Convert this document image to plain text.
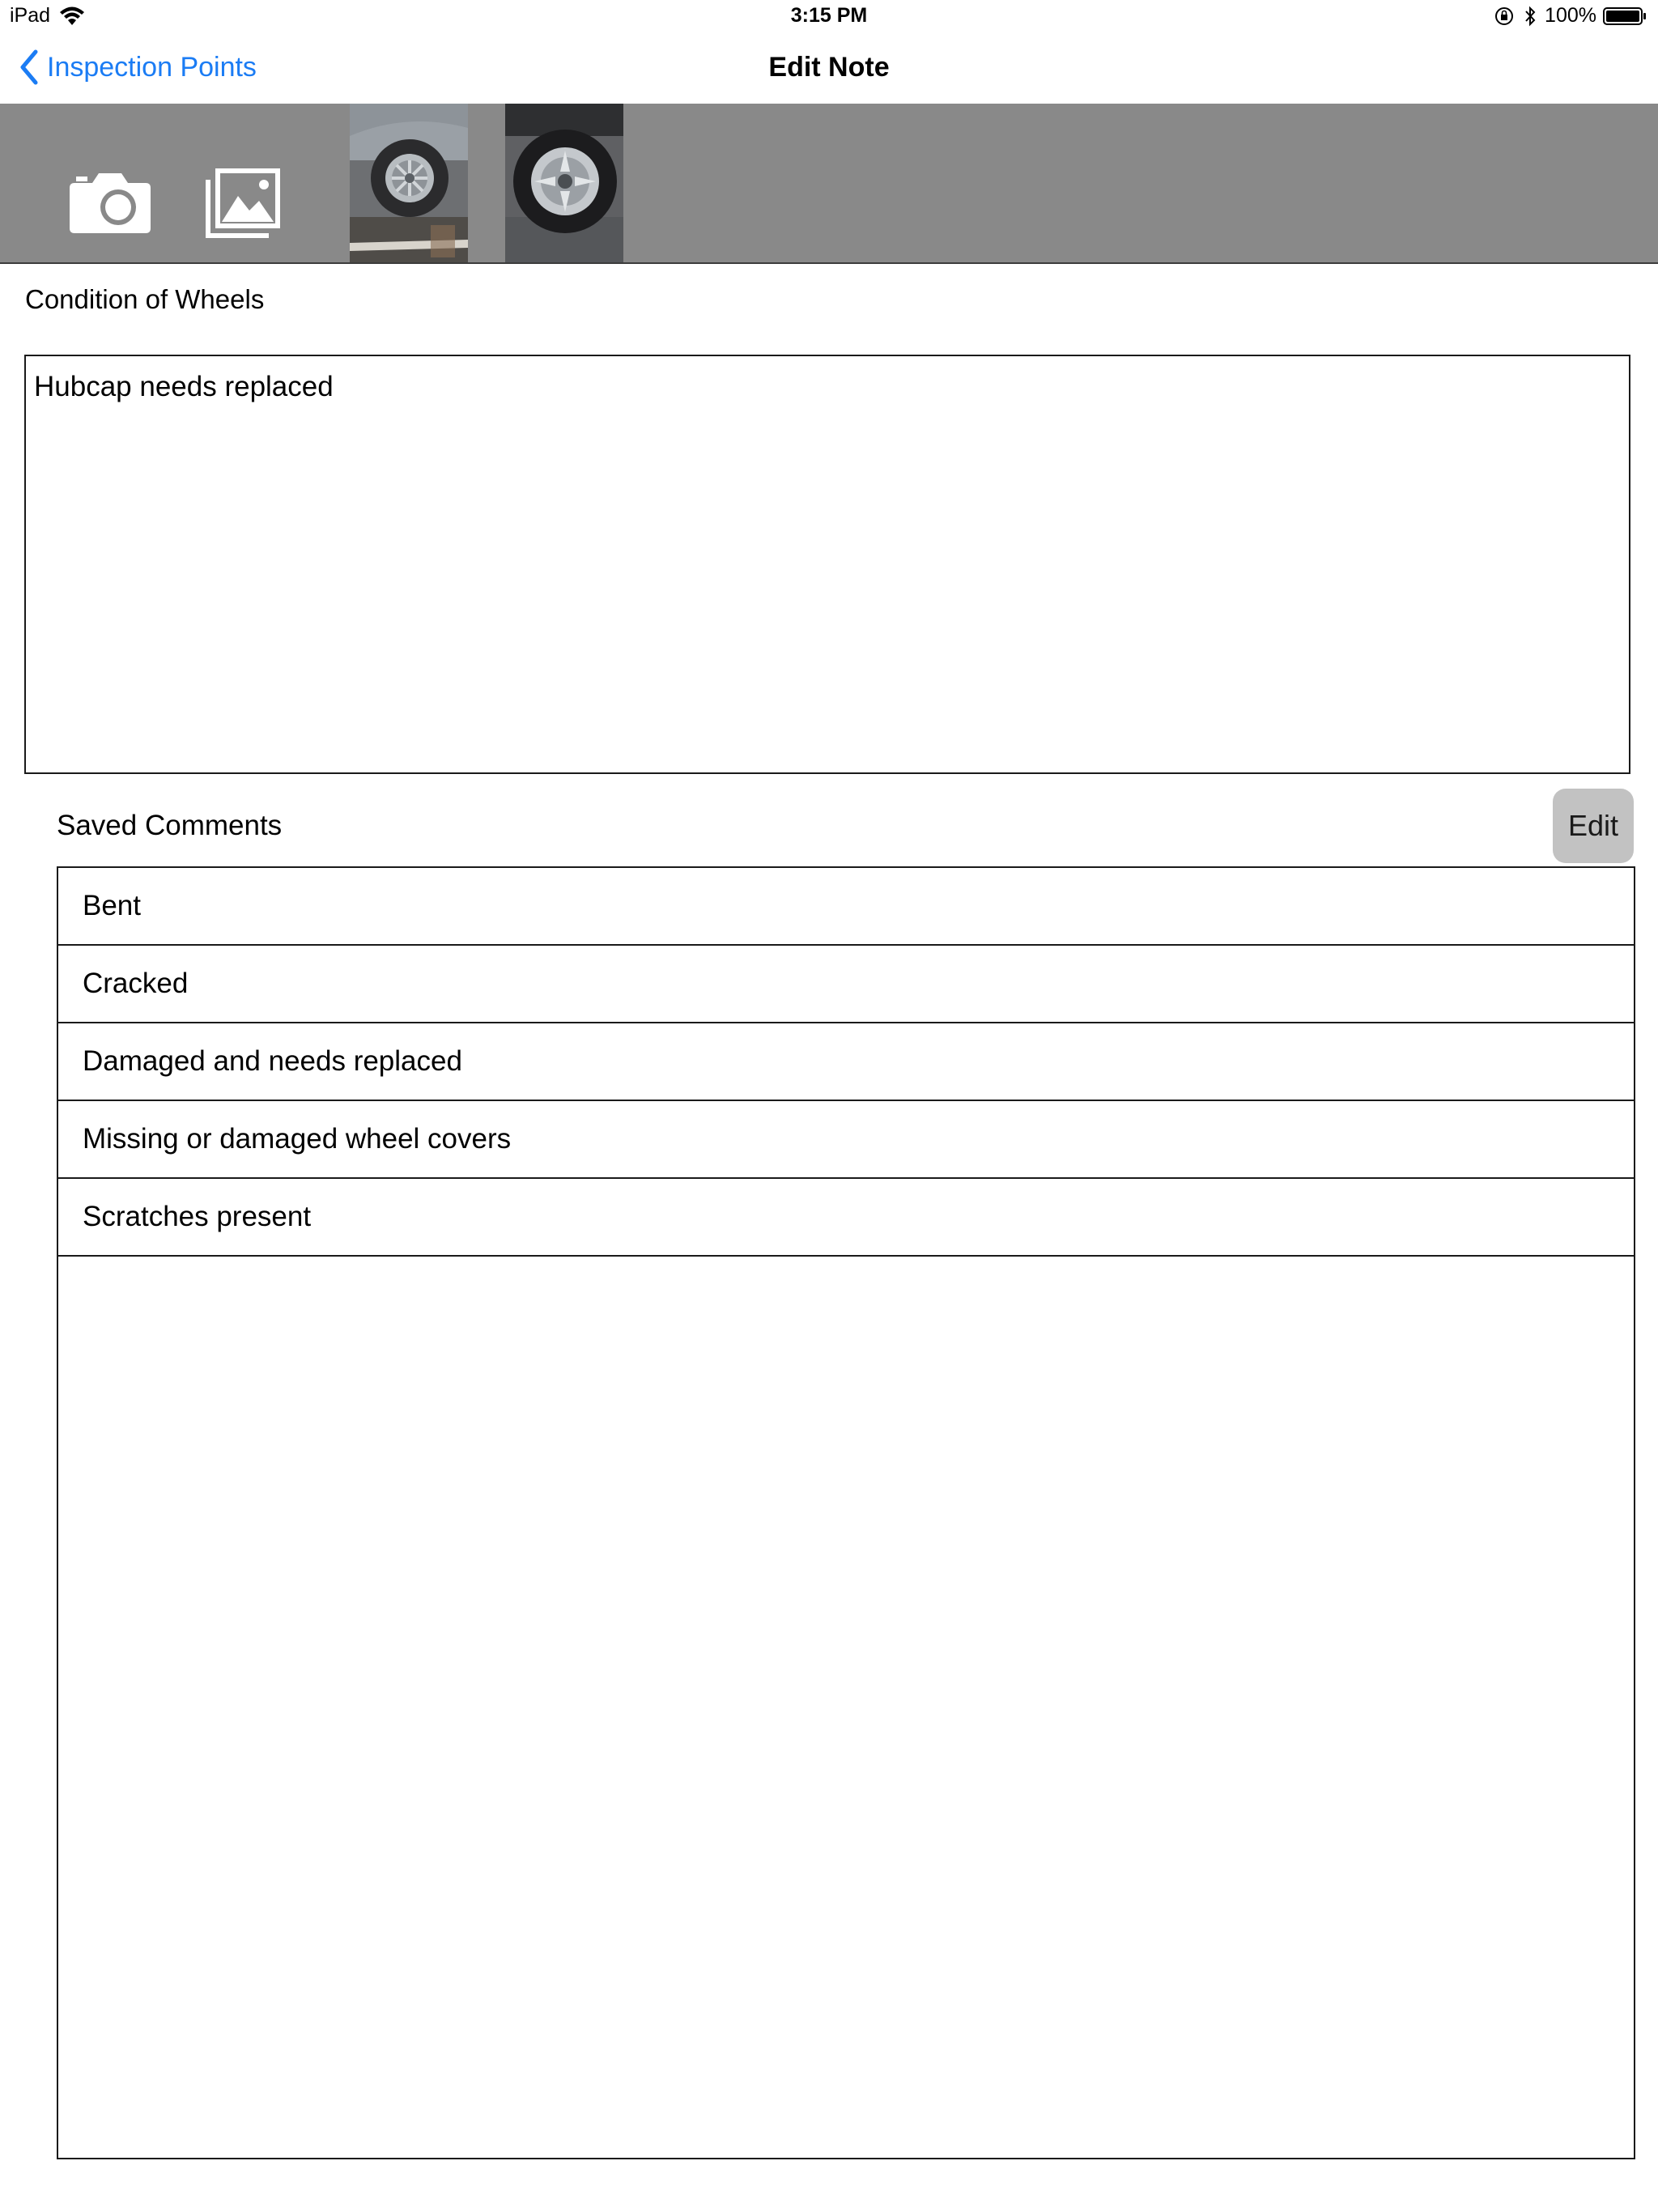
iPad	3:15 PM	100%
Inspection Points	Edit Note
Condition of Wheels
Hubcap needs replaced
Saved Comments	Edit
Bent
Cracked
Damaged and needs replaced
Missing or damaged wheel covers
Scratches present
